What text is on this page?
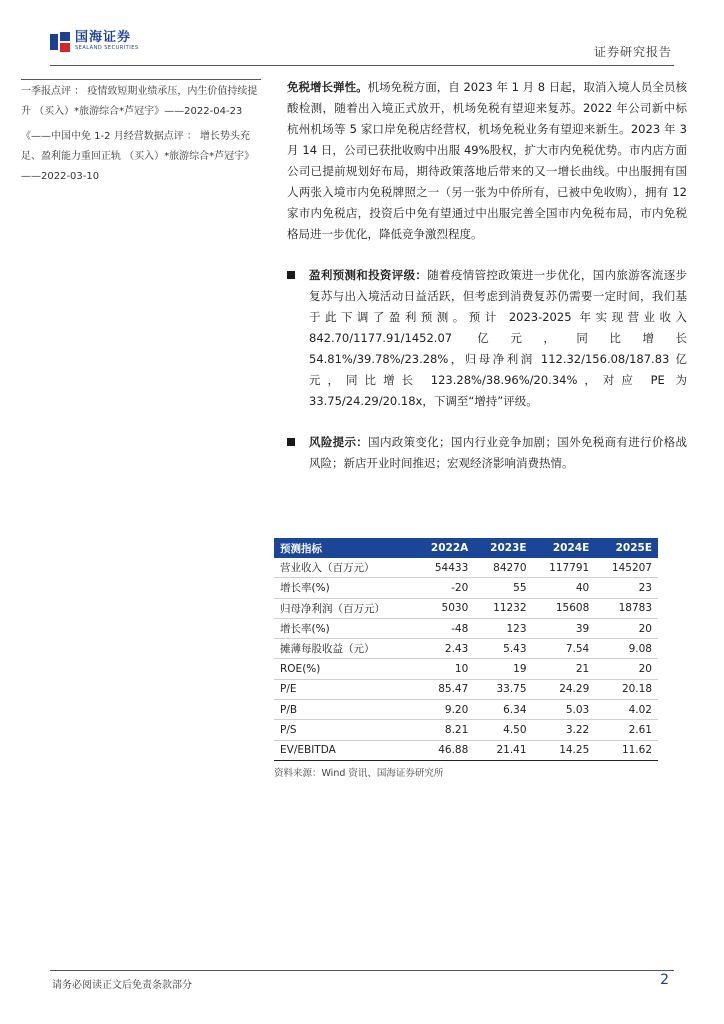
国海证券
SEALAND SECURITIES	证券研究报告

一季报点评 ： 疫情致短期业绩承压，内生价值持续提升 （买入）*旅游综合*芦冠宇》——2022-04-23

《——中国中免 1-2 月经营数据点评 ： 增长势头充足、盈利能力重回正轨 （买入）*旅游综合*芦冠宇》——2022-03-10

免税增长弹性。机场免税方面，自 2023 年 1 月 8 日起，取消入境人员全员核酸检测，随着出入境正式放开，机场免税有望迎来复苏。2022 年公司新中标杭州机场等 5 家口岸免税店经营权，机场免税业务有望迎来新生。2023 年 3 月 14 日，公司已获批收购中出服 49%股权，扩大市内免税优势。市内店方面公司已提前规划好布局，期待政策落地后带来的又一增长曲线。中出服拥有国人两张入境市内免税牌照之一（另一张为中侨所有，已被中免收购），拥有 12 家市内免税店，投资后中免有望通过中出服完善全国市内免税布局，市内免税格局进一步优化，降低竞争激烈程度。

盈利预测和投资评级：随着疫情管控政策进一步优化，国内旅游客流逐步复苏与出入境活动日益活跃，但考虑到消费复苏仍需要一定时间，我们基于此下调了盈利预测。预计 2023-2025 年实现营业收入 842.70/1177.91/1452.07 亿元，同比增长 54.81%/39.78%/23.28%，归母净利润 112.32/156.08/187.83 亿元，同比增长 123.28%/38.96%/20.34%，对应 PE 为 33.75/24.29/20.18x，下调至“增持”评级。

风险提示：国内政策变化；国内行业竞争加剧；国外免税商有进行价格战风险；新店开业时间推迟；宏观经济影响消费热情。

预测指标	2022A	2023E	2024E	2025E
营业收入（百万元）	54433	84270	117791	145207
增长率(%)	-20	55	40	23
归母净利润（百万元）	5030	11232	15608	18783
增长率(%)	-48	123	39	20
摊薄每股收益（元）	2.43	5.43	7.54	9.08
ROE(%)	10	19	21	20
P/E	85.47	33.75	24.29	20.18
P/B	9.20	6.34	5.03	4.02
P/S	8.21	4.50	3.22	2.61
EV/EBITDA	46.88	21.41	14.25	11.62
资料来源：Wind 资讯、国海证券研究所
请务必阅读正文后免责条款部分	2
